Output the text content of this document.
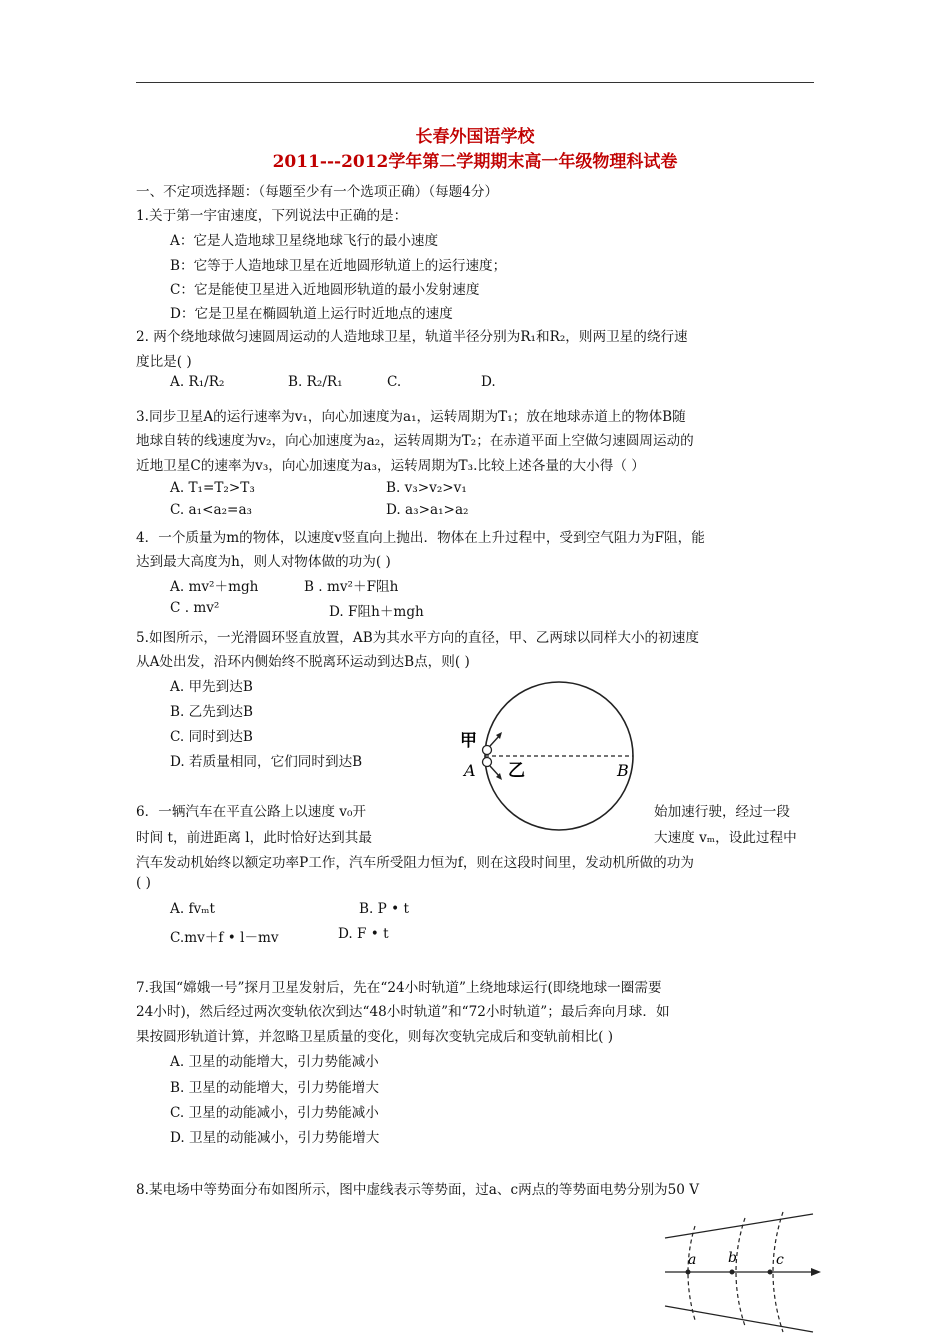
长春外国语学校
2011---2012学年第二学期期末高一年级物理科试卷
一、不定项选择题：（每题至少有一个选项正确）（每题4分）
1.关于第一宇宙速度，下列说法中正确的是：
A：它是人造地球卫星绕地球飞行的最小速度
B：它等于人造地球卫星在近地圆形轨道上的运行速度；
C：它是能使卫星进入近地圆形轨道的最小发射速度
D：它是卫星在椭圆轨道上运行时近地点的速度
2. 两个绕地球做匀速圆周运动的人造地球卫星，轨道半径分别为R₁和R₂，则两卫星的绕行速
度比是( )
A. R₁/R₂	B. R₂/R₁	C.	D.
3.同步卫星A的运行速率为v₁，向心加速度为a₁，运转周期为T₁；放在地球赤道上的物体B随
地球自转的线速度为v₂，向心加速度为a₂，运转周期为T₂；在赤道平面上空做匀速圆周运动的
近地卫星C的速率为v₃，向心加速度为a₃，运转周期为T₃.比较上述各量的大小得（ ）
A. T₁=T₂>T₃	B. v₃>v₂>v₁
C. a₁<a₂=a₃	D. a₃>a₁>a₂
4．一个质量为m的物体，以速度v竖直向上抛出．物体在上升过程中，受到空气阻力为F阻，能
达到最大高度为h，则人对物体做的功为( )
A. mv²＋mgh	B . mv²＋F阻h
C . mv²	D. F阻h＋mgh
5.如图所示，一光滑圆环竖直放置，AB为其水平方向的直径，甲、乙两球以同样大小的初速度
从A处出发，沿环内侧始终不脱离环运动到达B点，则( )
A. 甲先到达B
B. 乙先到达B
C. 同时到达B
D. 若质量相同，它们同时到达B
甲
A 乙	B
6．一辆汽车在平直公路上以速度 v₀开	始加速行驶，经过一段
时间 t，前进距离 l，此时恰好达到其最	大速度 vₘ，设此过程中
汽车发动机始终以额定功率P工作，汽车所受阻力恒为f，则在这段时间里，发动机所做的功为
( )
A. fvₘt	B. P • t
C.mv＋f • l－mv	D. F • t
7.我国“嫦娥一号”探月卫星发射后，先在“24小时轨道”上绕地球运行(即绕地球一圈需要
24小时)，然后经过两次变轨依次到达“48小时轨道”和“72小时轨道”；最后奔向月球．如
果按圆形轨道计算，并忽略卫星质量的变化，则每次变轨完成后和变轨前相比( )
A. 卫星的动能增大，引力势能减小
B. 卫星的动能增大，引力势能增大
C. 卫星的动能减小，引力势能减小
D. 卫星的动能减小，引力势能增大
8.某电场中等势面分布如图所示，图中虚线表示等势面，过a、c两点的等势面电势分别为50 V
a b	c
